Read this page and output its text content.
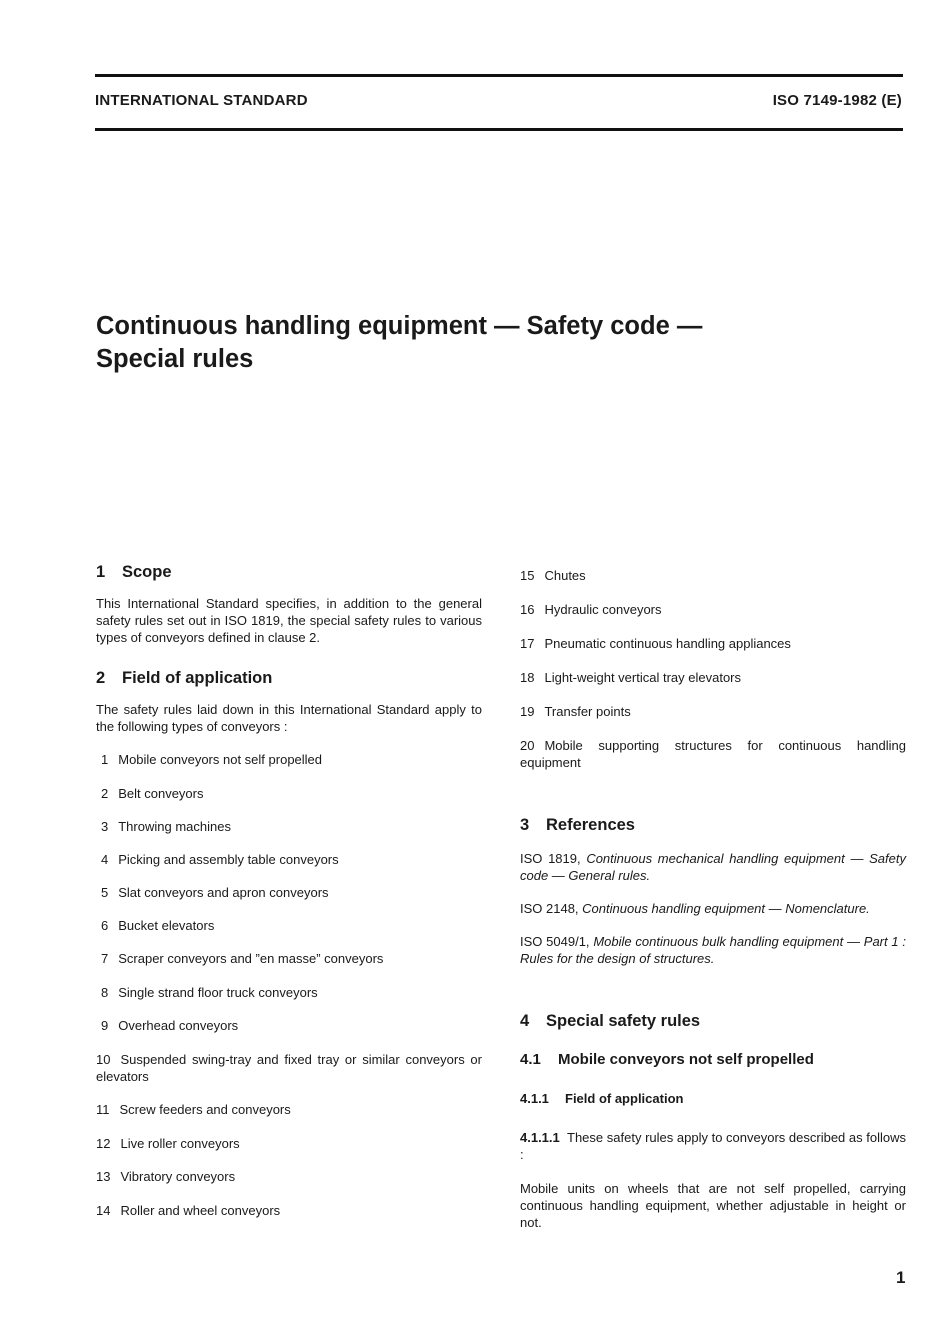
INTERNATIONAL STANDARD	ISO 7149-1982 (E)
Continuous handling equipment — Safety code —
Special rules
1 Scope

This International Standard specifies, in addition to the general safety rules set out in ISO 1819, the special safety rules to various types of conveyors defined in clause 2.

2 Field of application

The safety rules laid down in this International Standard apply to the following types of conveyors :

1 Mobile conveyors not self propelled

2 Belt conveyors

3 Throwing machines

4 Picking and assembly table conveyors

5 Slat conveyors and apron conveyors

6 Bucket elevators

7 Scraper conveyors and ”en masse” conveyors

8 Single strand floor truck conveyors

9 Overhead conveyors

10 Suspended swing-tray and fixed tray or similar conveyors or elevators

11 Screw feeders and conveyors

12 Live roller conveyors

13 Vibratory conveyors

14 Roller and wheel conveyors

15 Chutes

16 Hydraulic conveyors

17 Pneumatic continuous handling appliances

18 Light-weight vertical tray elevators

19 Transfer points

20 Mobile supporting structures for continuous handling equipment

3 References

ISO 1819, Continuous mechanical handling equipment — Safety code — General rules.

ISO 2148, Continuous handling equipment — Nomenclature.

ISO 5049/1, Mobile continuous bulk handling equipment — Part 1 : Rules for the design of structures.

4 Special safety rules
4.1 Mobile conveyors not self propelled
4.1.1 Field of application

4.1.1.1 These safety rules apply to conveyors described as follows :

Mobile units on wheels that are not self propelled, carrying continuous handling equipment, whether adjustable in height or not.

1
